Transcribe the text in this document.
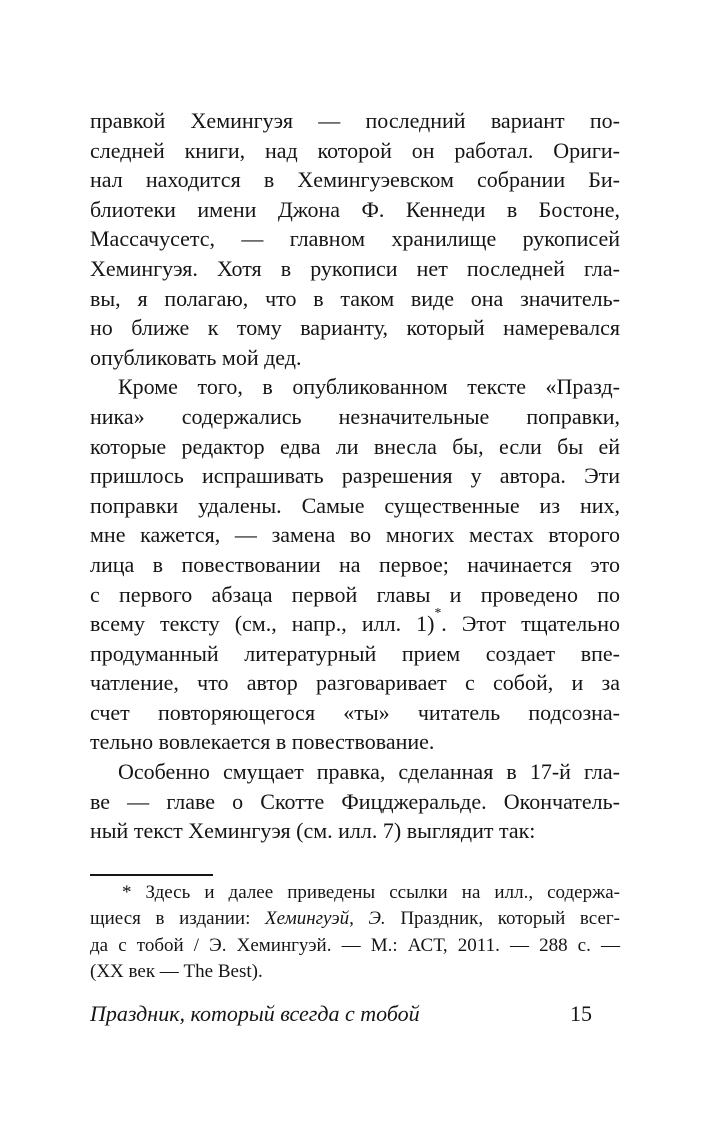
правкой Хемингуэя — последний вариант по-
следней книги, над которой он работал. Ориги-
нал находится в Хемингуэевском собрании Би-
блиотеки имени Джона Ф. Кеннеди в Бостоне,
Массачусетс, — главном хранилище рукописей
Хемингуэя. Хотя в рукописи нет последней гла-
вы, я полагаю, что в таком виде она значитель-
но ближе к тому варианту, который намеревался
опубликовать мой дед.
Кроме того, в опубликованном тексте «Празд-
ника» содержались незначительные поправки,
которые редактор едва ли внесла бы, если бы ей
пришлось испрашивать разрешения у автора. Эти
поправки удалены. Самые существенные из них,
мне кажется, — замена во многих местах второго
лица в повествовании на первое; начинается это
с первого абзаца первой главы и проведено по
всему тексту (см., напр., илл. 1)*. Этот тщательно
продуманный литературный прием создает впе-
чатление, что автор разговаривает с собой, и за
счет повторяющегося «ты» читатель подсозна-
тельно вовлекается в повествование.
Особенно смущает правка, сделанная в 17-й гла-
ве — главе о Скотте Фицджеральде. Окончатель-
ный текст Хемингуэя (см. илл. 7) выглядит так:
* Здесь и далее приведены ссылки на илл., содержа-
щиеся в издании: Хемингуэй, Э. Праздник, который всег-
да с тобой / Э. Хемингуэй. — М.: АСТ, 2011. — 288 с. —
(XX век — The Best).
Праздник, который всегда с тобой	15
